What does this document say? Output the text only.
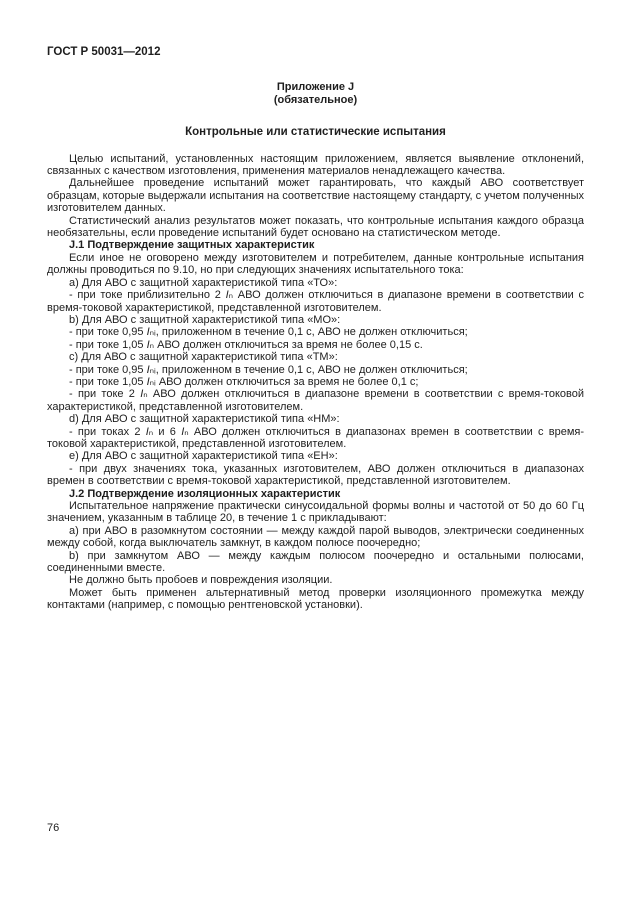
ГОСТ Р 50031—2012
Приложение J
(обязательное)
Контрольные или статистические испытания

Целью испытаний, установленных настоящим приложением, является выявление отклонений, связанных с качеством изготовления, применения материалов ненадлежащего качества.

Дальнейшее проведение испытаний может гарантировать, что каждый АВО соответствует образцам, которые выдержали испытания на соответствие настоящему стандарту, с учетом полученных изготовителем данных.

Статистический анализ результатов может показать, что контрольные испытания каждого образца необязательны, если проведение испытаний будет основано на статистическом методе.

J.1 Подтверждение защитных характеристик

Если иное не оговорено между изготовителем и потребителем, данные контрольные испытания должны проводиться по 9.10, но при следующих значениях испытательного тока:

a) Для АВО с защитной характеристикой типа «ТО»:

- при токе приблизительно 2 Iₙ АВО должен отключиться в диапазоне времени в соответствии с время-токовой характеристикой, представленной изготовителем.

b) Для АВО с защитной характеристикой типа «МО»:

- при токе 0,95 Iₙᵢ, приложенном в течение 0,1 с, АВО не должен отключиться;

- при токе 1,05 Iₙ АВО должен отключиться за время не более 0,15 с.

c) Для АВО с защитной характеристикой типа «ТМ»:

- при токе 0,95 Iₙᵢ, приложенном в течение 0,1 с, АВО не должен отключиться;

- при токе 1,05 Iₙᵢ АВО должен отключиться за время не более 0,1 с;

- при токе 2 Iₙ АВО должен отключиться в диапазоне времени в соответствии с время-токовой характеристикой, представленной изготовителем.

d) Для АВО с защитной характеристикой типа «НМ»:

- при токах 2 Iₙ и 6 Iₙ АВО должен отключиться в диапазонах времен в соответствии с время-токовой характеристикой, представленной изготовителем.

e) Для АВО с защитной характеристикой типа «ЕН»:

- при двух значениях тока, указанных изготовителем, АВО должен отключиться в диапазонах времен в соответствии с время-токовой характеристикой, представленной изготовителем.

J.2 Подтверждение изоляционных характеристик

Испытательное напряжение практически синусоидальной формы волны и частотой от 50 до 60 Гц значением, указанным в таблице 20, в течение 1 с прикладывают:

a) при АВО в разомкнутом состоянии — между каждой парой выводов, электрически соединенных между собой, когда выключатель замкнут, в каждом полюсе поочередно;

b) при замкнутом АВО — между каждым полюсом поочередно и остальными полюсами, соединенными вместе.

Не должно быть пробоев и повреждения изоляции.

Может быть применен альтернативный метод проверки изоляционного промежутка между контактами (например, с помощью рентгеновской установки).

76
